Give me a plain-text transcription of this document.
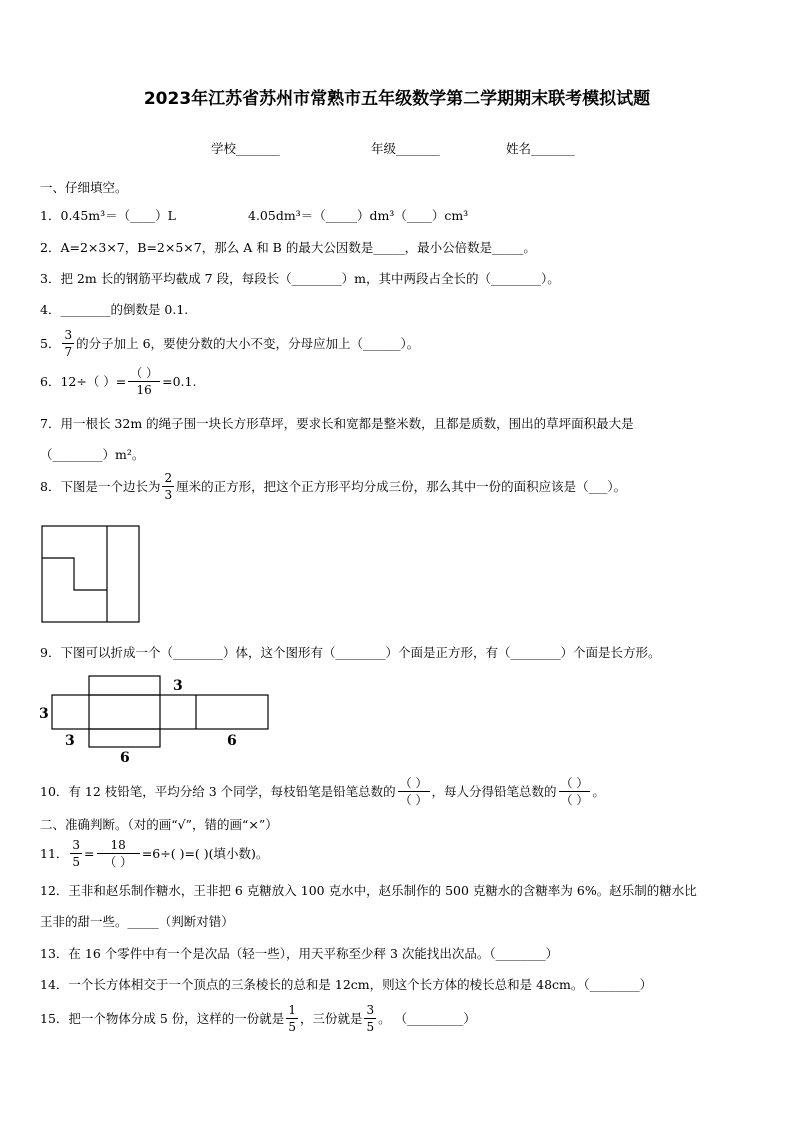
2023年江苏省苏州市常熟市五年级数学第二学期期末联考模拟试题
学校_______	年级_______	姓名_______
一、仔细填空。
1．0.45m³＝（____）L	4.05dm³＝（_____）dm³（____）cm³
2．A=2×3×7，B=2×5×7，那么 A 和 B 的最大公因数是_____，最小公倍数是_____。
3．把 2m 长的钢筋平均截成 7 段，每段长（________）m，其中两段占全长的（________）。
4．________的倒数是 0.1.
5． $\frac{3}{7}$ 的分子加上 6，要使分数的大小不变，分母应加上（______）。
6．12÷（ ）= $\frac{( )}{16} =0.1$.
7．用一根长 32m 的绳子围一块长方形草坪，要求长和宽都是整米数，且都是质数，围出的草坪面积最大是
（________）m²。
8．下图是一个边长为 $\frac{2}{3}$ 厘米的正方形，把这个正方形平均分成三份，那么其中一份的面积应该是（___）。
9．下图可以折成一个（________）体，这个图形有（________）个面是正方形，有（________）个面是长方形。
3
3
3
6
6
10．有 12 枝铅笔，平均分给 3 个同学，每枝铅笔是铅笔总数的 $\frac{( )}{( )}$ ，每人分得铅笔总数的 $\frac{( )}{( )}$ 。
二、准确判断。（对的画“√”，错的画“×”）
11． $\frac{3}{5} = \frac{18}{( )} =6\div$( )=( )(填小数)。
12．王非和赵乐制作糖水，王非把 6 克糖放入 100 克水中，赵乐制作的 500 克糖水的含糖率为 6%。赵乐制的糖水比
王非的甜一些。_____（判断对错）
13．在 16 个零件中有一个是次品（轻一些），用天平称至少秤 3 次能找出次品。（________）
14．一个长方体相交于一个顶点的三条棱长的总和是 12cm，则这个长方体的棱长总和是 48cm。（________）
15．把一个物体分成 5 份，这样的一份就是 $\frac{1}{5}$ ，三份就是 $\frac{3}{5}$ 。 （_________）
